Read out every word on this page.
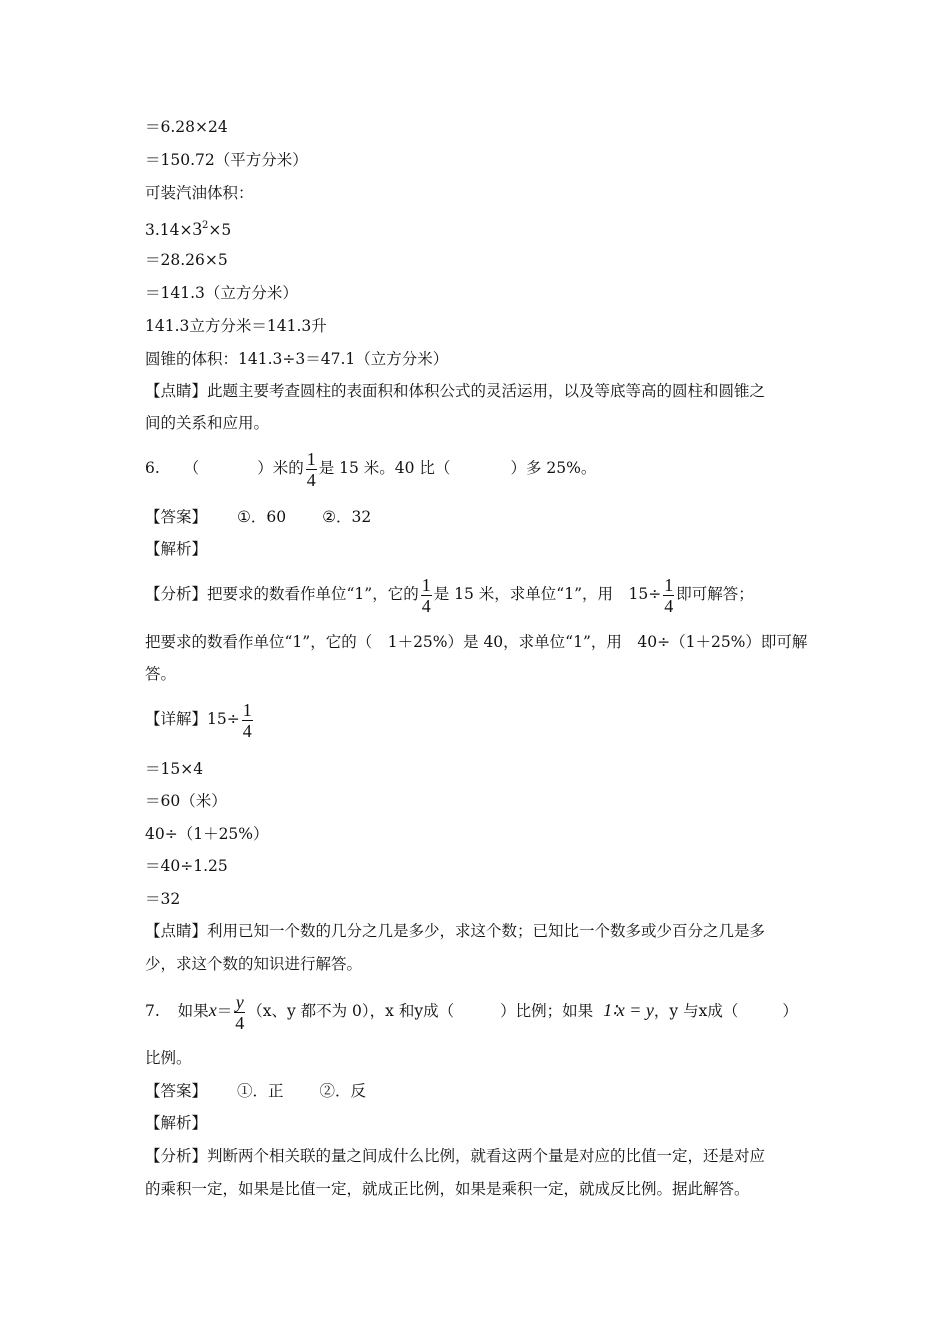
＝6.28×24
＝150.72（平方分米）
可装汽油体积：
$3.14\times 3^2\times 5$
＝28.26×5
＝141.3（立方分米）
141.3立方分米＝141.3升
圆锥的体积：141.3÷3＝47.1（立方分米）
【点睛】此题主要考查圆柱的表面积和体积公式的灵活运用，以及等底等高的圆柱和圆锥之
间的关系和应用。
6. （	）米的 $\frac{1}{4}$ 是 15 米。40 比（	）多 25%。
【答案】 ①．60 ②．32
【解析】
【分析】把要求的数看作单位“1”，它的 $\frac{1}{4}$ 是 15 米，求单位“1”，用　$15\div \frac{1}{4}$ 即可解答；
把要求的数看作单位“1”，它的（　1＋25%）是 40，求单位“1”，用　40÷（1＋25%）即可解
答。
【详解】$15\div \frac{1}{4}$
＝15×4
＝60（米）
40÷（1＋25%）
＝40÷1.25
＝32
【点睛】利用已知一个数的几分之几是多少，求这个数；已知比一个数多或少百分之几是多
少，求这个数的知识进行解答。
7. 如果$x= \frac{y}{4} (x$、y 都不为 0），x 和y成（	）比例；如果 1∶x = y，y 与x成（	）
比例。
【答案】 ①．正 ②．反
【解析】
【分析】判断两个相关联的量之间成什么比例，就看这两个量是对应的比值一定，还是对应
的乘积一定，如果是比值一定，就成正比例，如果是乘积一定，就成反比例。据此解答。
